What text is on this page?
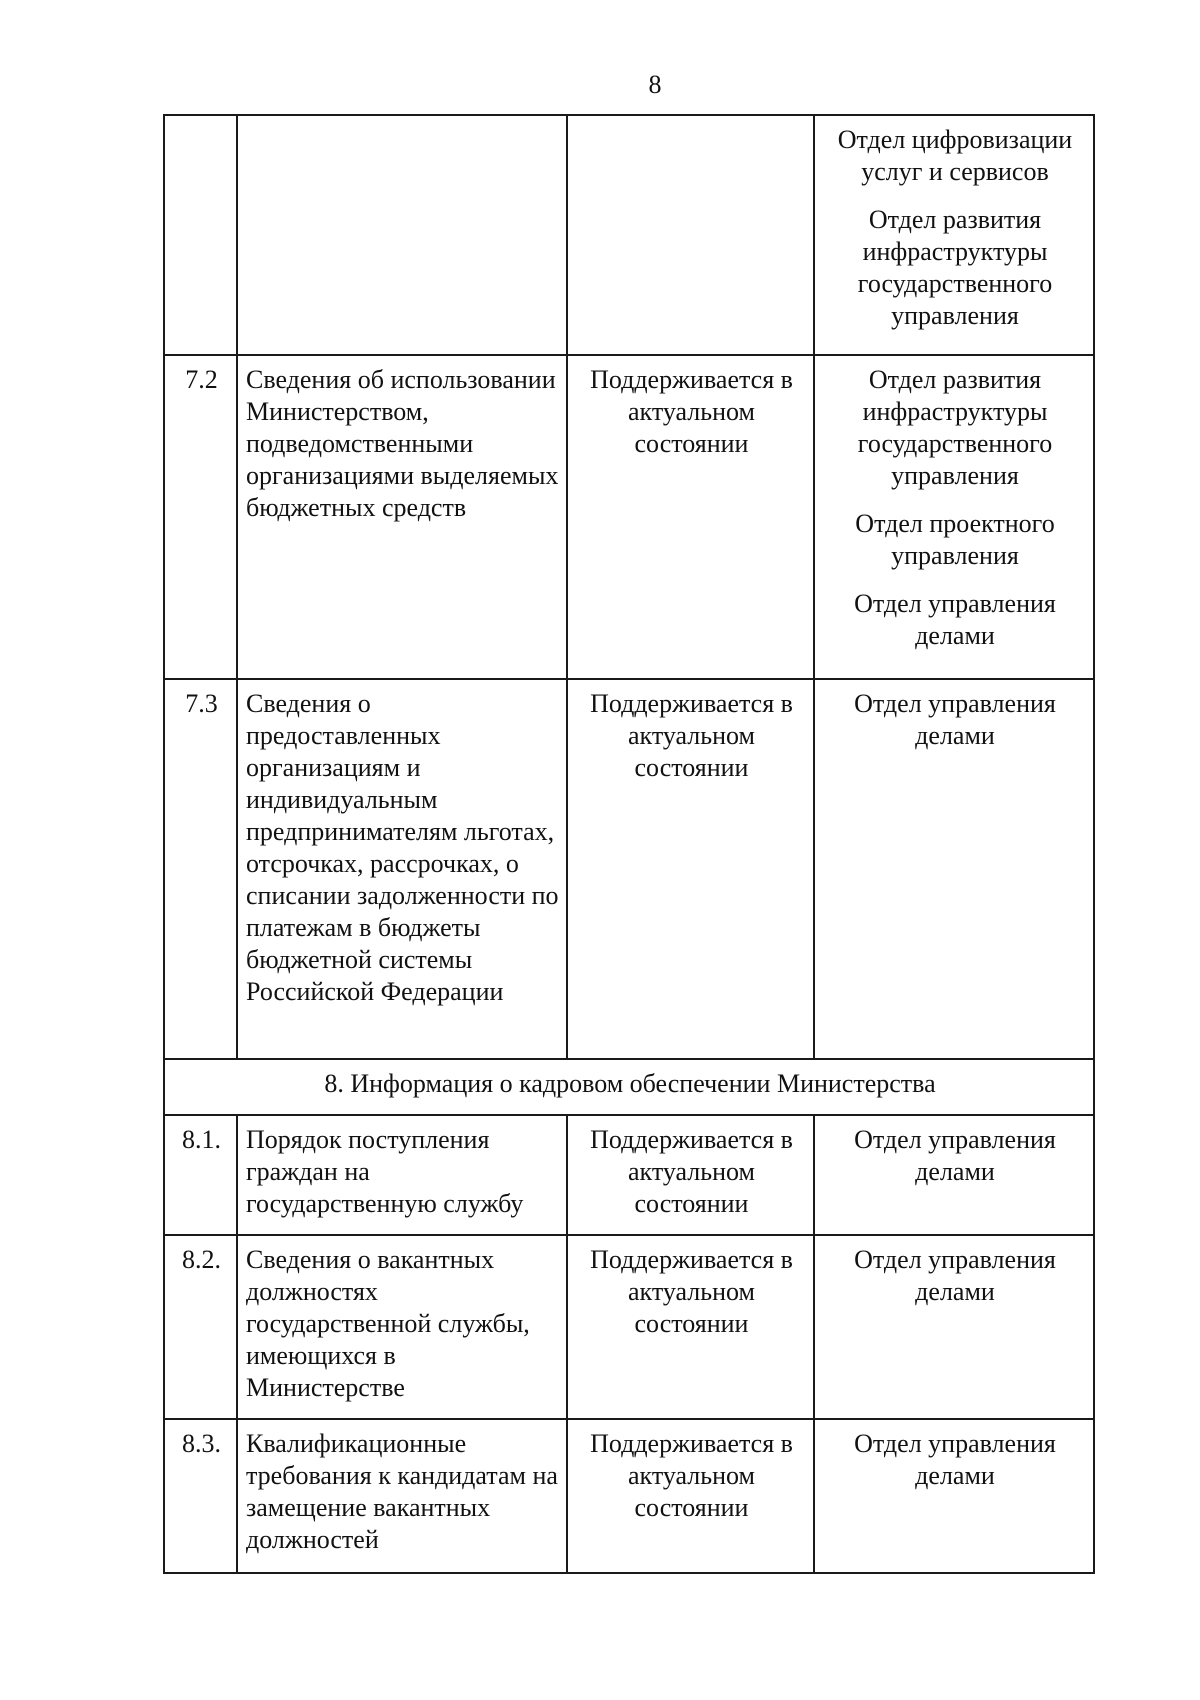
8

			Отдел цифровизации услуг и сервисов
Отдел развития инфраструктуры государственного управления

7.2	Сведения об использовании Министерством, подведомственными организациями выделяемых бюджетных средств	Поддерживается в актуальном состоянии	Отдел развития инфраструктуры государственного управления
Отдел проектного управления
Отдел управления делами

7.3	Сведения о предоставленных организациям и индивидуальным предпринимателям льготах, отсрочках, рассрочках, о списании задолженности по платежам в бюджеты бюджетной системы Российской Федерации	Поддерживается в актуальном состоянии	Отдел управления делами

8. Информация о кадровом обеспечении Министерства			
8.1.	Порядок поступления граждан на государственную службу	Поддерживается в актуальном состоянии	Отдел управления делами

8.2.	Сведения о вакантных должностях государственной службы, имеющихся в Министерстве	Поддерживается в актуальном состоянии	Отдел управления делами

8.3.	Квалификационные требования к кандидатам на замещение вакантных должностей	Поддерживается в актуальном состоянии	Отдел управления делами
